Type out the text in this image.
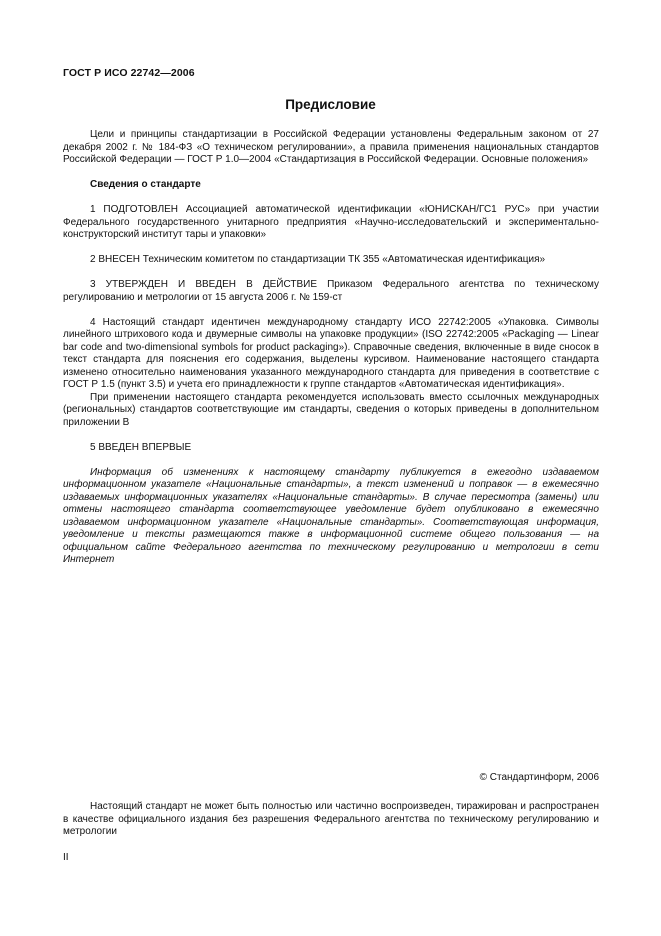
ГОСТ Р ИСО 22742—2006
Предисловие

Цели и принципы стандартизации в Российской Федерации установлены Федеральным законом от 27 декабря 2002 г. № 184-ФЗ «О техническом регулировании», а правила применения национальных стандартов Российской Федерации — ГОСТ Р 1.0—2004 «Стандартизация в Российской Федерации. Основные положения»

Сведения о стандарте

1 ПОДГОТОВЛЕН Ассоциацией автоматической идентификации «ЮНИСКАН/ГС1 РУС» при участии Федерального государственного унитарного предприятия «Научно-исследовательский и экспериментально-конструкторский институт тары и упаковки»

2 ВНЕСЕН Техническим комитетом по стандартизации ТК 355 «Автоматическая идентификация»

3 УТВЕРЖДЕН И ВВЕДЕН В ДЕЙСТВИЕ Приказом Федерального агентства по техническому регулированию и метрологии от 15 августа 2006 г. № 159-ст

4 Настоящий стандарт идентичен международному стандарту ИСО 22742:2005 «Упаковка. Символы линейного штрихового кода и двумерные символы на упаковке продукции» (ISO 22742:2005 «Packaging — Linear bar code and two-dimensional symbols for product packaging»). Справочные сведения, включенные в виде сносок в текст стандарта для пояснения его содержания, выделены курсивом. Наименование настоящего стандарта изменено относительно наименования указанного международного стандарта для приведения в соответствие с ГОСТ Р 1.5 (пункт 3.5) и учета его принадлежности к группе стандартов «Автоматическая идентификация».

При применении настоящего стандарта рекомендуется использовать вместо ссылочных международных (региональных) стандартов соответствующие им стандарты, сведения о которых приведены в дополнительном приложении В

5 ВВЕДЕН ВПЕРВЫЕ

Информация об изменениях к настоящему стандарту публикуется в ежегодно издаваемом информационном указателе «Национальные стандарты», а текст изменений и поправок — в ежемесячно издаваемых информационных указателях «Национальные стандарты». В случае пересмотра (замены) или отмены настоящего стандарта соответствующее уведомление будет опубликовано в ежемесячно издаваемом информационном указателе «Национальные стандарты». Соответствующая информация, уведомление и тексты размещаются также в информационной системе общего пользования — на официальном сайте Федерального агентства по техническому регулированию и метрологии в сети Интернет

© Стандартинформ, 2006
Настоящий стандарт не может быть полностью или частично воспроизведен, тиражирован и распространен в качестве официального издания без разрешения Федерального агентства по техническому регулированию и метрологии
II
